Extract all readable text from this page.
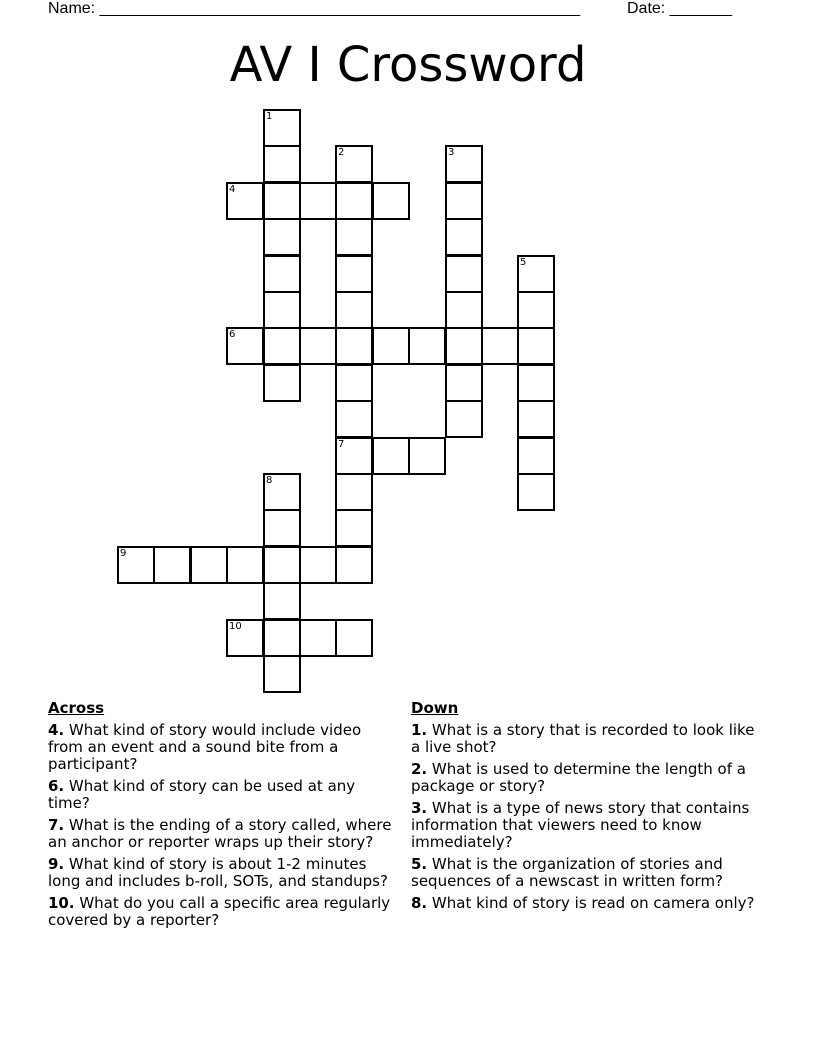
Name: ______________________________________________________	Date: _______
AV I Crossword
1
2
7
3
4
5
6
8
9
10
Across
4. What kind of story would include video from an event and a sound bite from a participant?
6. What kind of story can be used at any time?
7. What is the ending of a story called, where an anchor or reporter wraps up their story?
9. What kind of story is about 1-2 minutes long and includes b-roll, SOTs, and standups?
10. What do you call a specific area regularly covered by a reporter?
Down
1. What is a story that is recorded to look like a live shot?
2. What is used to determine the length of a package or story?
3. What is a type of news story that contains information that viewers need to know immediately?
5. What is the organization of stories and sequences of a newscast in written form?
8. What kind of story is read on camera only?
